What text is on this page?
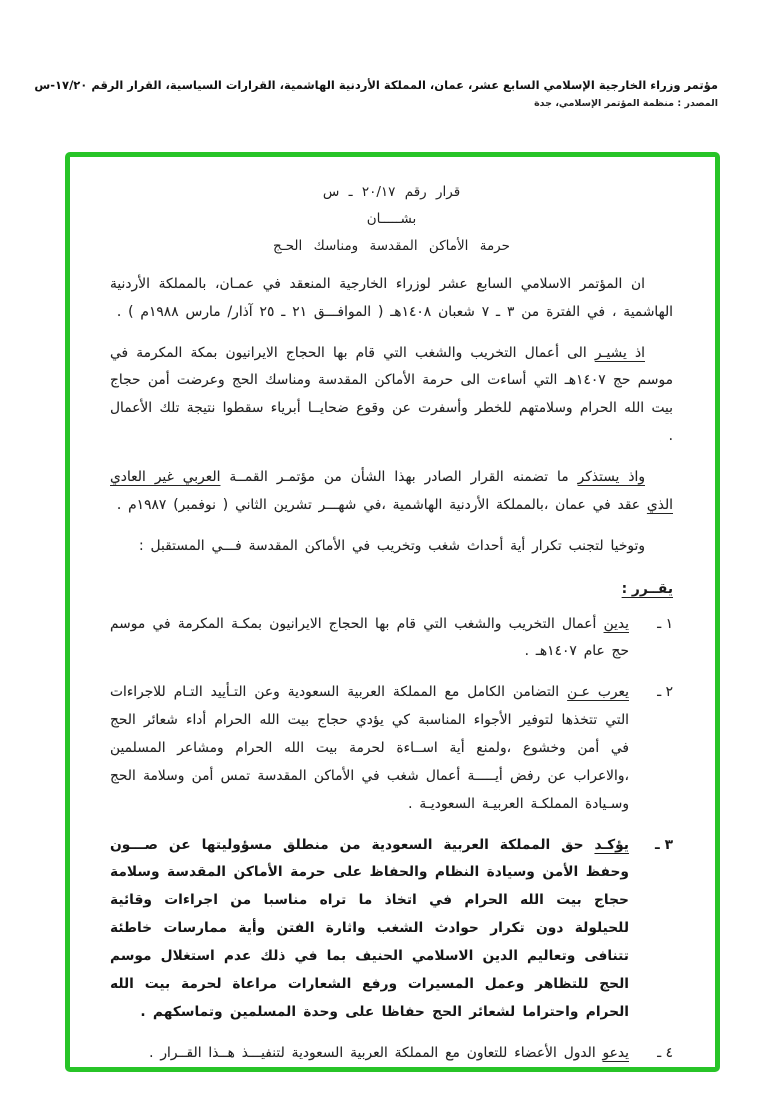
مؤتمر وزراء الخارجية الإسلامي السابع عشر، عمان، المملكة الأردنية الهاشمية، القرارات السياسية، القرار الرقم ١٧/٢٠-س
المصدر : منظمة المؤتمر الإسلامي، جدة
قرار رقم ٢٠/١٧ ـ س
بشـــــان
حرمة الأماكن المقدسة ومناسك الحـج

ان المؤتمر الاسلامي السابع عشر لوزراء الخارجية المنعقد في عمـان، بالمملكة الأردنية الهاشمية ، في الفترة من ٣ ـ ٧ شعبان ١٤٠٨هـ ( الموافـــق ٢١ ـ ٢٥ آذار/ مارس ١٩٨٨م ) .

اذ يشيـر الى أعمال التخريب والشغب التي قام بها الحجاج الايرانيون بمكة المكرمة في موسم حج ١٤٠٧هـ التي أساءت الى حرمة الأماكن المقدسة ومناسك الحج وعرضت أمن حجاج بيت الله الحرام وسلامتهم للخطر وأسفرت عن وقوع ضحايــا أبرياء سقطوا نتيجة تلك الأعمال .

واذ يستذكر ما تضمنه القرار الصادر بهذا الشأن من مؤتمـر القمــة العربي غير العادي الذي عقد في عمان ،بالمملكة الأردنية الهاشمية ،في شهـــر تشرين الثاني ( نوفمبر) ١٩٨٧م .

وتوخيا لتجنب تكرار أية أحداث شغب وتخريب في الأماكن المقدسة فـــي المستقبل :

يقــرر :
١ ـ
يدين أعمال التخريب والشغب التي قام بها الحجاج الايرانيون بمكـة المكرمة في موسم حج عام ١٤٠٧هـ .
٢ ـ
يعرب عـن التضامن الكامل مع المملكة العربية السعودية وعن التـأييد التـام للاجراءات التي تتخذها لتوفير الأجواء المناسبة كي يؤدي حجاج بيت الله الحرام أداء شعائر الحج في أمن وخشوع ،ولمنع أية اســاءة لحرمة بيت الله الحرام ومشاعر المسلمين ،والاعراب عن رفض أيـــــة أعمال شغب في الأماكن المقدسة تمس أمن وسلامة الحج وسـيادة المملكـة العربيـة السعوديـة .
٣ ـ
يؤكـد حق المملكة العربية السعودية من منطلق مسؤوليتها عن صـــون وحفظ الأمن وسيادة النظام والحفاظ على حرمة الأماكن المقدسة وسلامة حجاج بيت الله الحرام في اتخاذ ما تراه مناسبا من اجراءات وقائية للحيلولة دون تكرار حوادث الشغب واثارة الفتن وأية ممارسات خاطئة تتنافى وتعاليم الدين الاسلامي الحنيف بما في ذلك عدم استغلال موسم الحج للتظاهر وعمل المسيرات ورفع الشعارات مراعاة لحرمة بيت الله الحرام واحتراما لشعائر الحج حفاظا على وحدة المسلمين وتماسكهم .
٤ ـ
يدعو الدول الأعضاء للتعاون مع المملكة العربية السعودية لتنفيـــذ هــذا القــرار .
